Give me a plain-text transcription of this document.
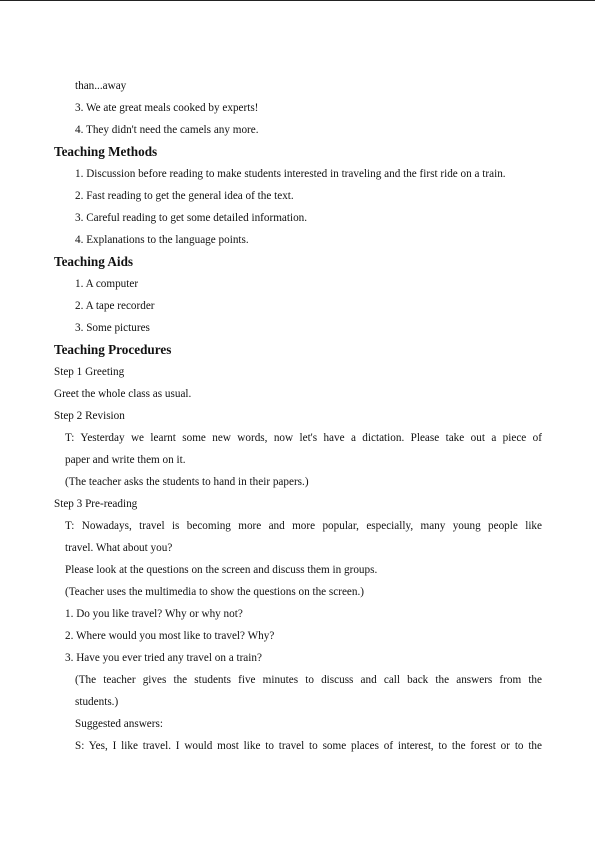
than...away
3. We ate great meals cooked by experts!
4. They didn't need the camels any more.
Teaching Methods
1. Discussion before reading to make students interested in traveling and the first ride on a train.
2. Fast reading to get the general idea of the text.
3. Careful reading to get some detailed information.
4. Explanations to the language points.
Teaching Aids
1. A computer
2. A tape recorder
3. Some pictures
Teaching Procedures
Step 1 Greeting
Greet the whole class as usual.
Step 2 Revision
T: Yesterday we learnt some new words, now let's have a dictation. Please take out a piece of
paper and write them on it.
(The teacher asks the students to hand in their papers.)
Step 3 Pre-reading
T: Nowadays, travel is becoming more and more popular, especially, many young people like
travel. What about you?
Please look at the questions on the screen and discuss them in groups.
(Teacher uses the multimedia to show the questions on the screen.)
1. Do you like travel? Why or why not?
2. Where would you most like to travel? Why?
3. Have you ever tried any travel on a train?
(The teacher gives the students five minutes to discuss and call back the answers from the
students.)
Suggested answers:
S: Yes, I like travel. I would most like to travel to some places of interest, to the forest or to the
